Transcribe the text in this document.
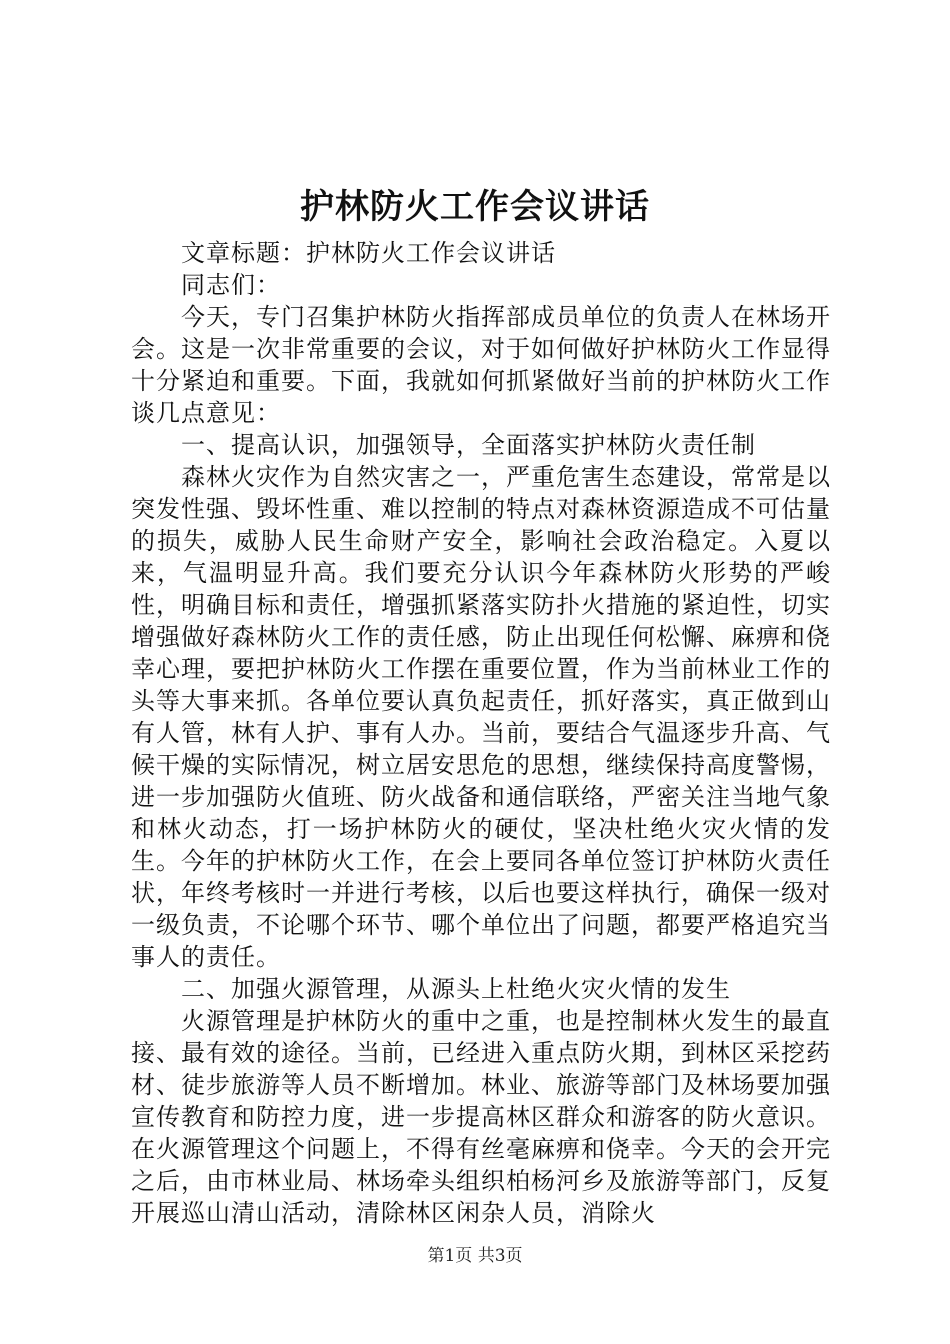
护林防火工作会议讲话

文章标题：护林防火工作会议讲话

同志们：

今天，专门召集护林防火指挥部成员单位的负责人在林场开会。这是一次非常重要的会议，对于如何做好护林防火工作显得十分紧迫和重要。下面，我就如何抓紧做好当前的护林防火工作谈几点意见：

一、提高认识，加强领导，全面落实护林防火责任制

森林火灾作为自然灾害之一，严重危害生态建设，常常是以突发性强、毁坏性重、难以控制的特点对森林资源造成不可估量的损失，威胁人民生命财产安全，影响社会政治稳定。入夏以来，气温明显升高。我们要充分认识今年森林防火形势的严峻性，明确目标和责任，增强抓紧落实防扑火措施的紧迫性，切实增强做好森林防火工作的责任感，防止出现任何松懈、麻痹和侥幸心理，要把护林防火工作摆在重要位置，作为当前林业工作的头等大事来抓。各单位要认真负起责任，抓好落实，真正做到山有人管，林有人护、事有人办。当前，要结合气温逐步升高、气候干燥的实际情况，树立居安思危的思想，继续保持高度警惕，进一步加强防火值班、防火战备和通信联络，严密关注当地气象和林火动态，打一场护林防火的硬仗，坚决杜绝火灾火情的发生。今年的护林防火工作，在会上要同各单位签订护林防火责任状，年终考核时一并进行考核，以后也要这样执行，确保一级对一级负责，不论哪个环节、哪个单位出了问题，都要严格追究当事人的责任。

二、加强火源管理，从源头上杜绝火灾火情的发生

火源管理是护林防火的重中之重，也是控制林火发生的最直接、最有效的途径。当前，已经进入重点防火期，到林区采挖药材、徒步旅游等人员不断增加。林业、旅游等部门及林场要加强宣传教育和防控力度，进一步提高林区群众和游客的防火意识。在火源管理这个问题上，不得有丝毫麻痹和侥幸。今天的会开完之后，由市林业局、林场牵头组织柏杨河乡及旅游等部门，反复开展巡山清山活动，清除林区闲杂人员，消除火

第1页 共3页
